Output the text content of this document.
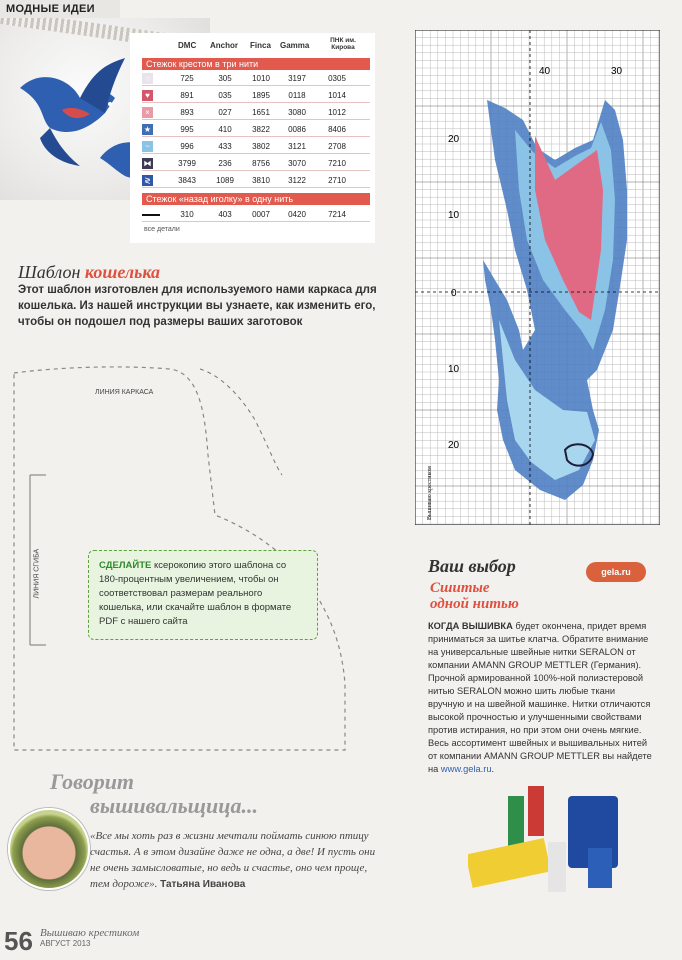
МОДНЫЕ ИДЕИ
DMC Anchor Finca Gamma
ПНК им. Кирова
Стежок крестом в три нити
○	725	305	1010	3197	0305
♥	891	035	1895	0118	1014
×	893	027	1651	3080	1012
★	995	410	3822	0086	8406
~	996	433	3802	3121	2708
⧓	3799	236	8756	3070	7210
≷	3843	1089	3810	3122	2710
Стежок «назад иголку» в одну нить
310	403	0007	0420	7214
все детали
Шаблон кошелька
Этот шаблон изготовлен для используемого нами каркаса для кошелька. Из нашей инструкции вы узнаете, как изменить его, чтобы он подошел под размеры ваших заготовок
ЛИНИЯ КАРКАСА
ЛИНИЯ СГИБА	СДЕЛАЙТЕ ксерокопию этого шаблона со 180-процентным увеличением, чтобы он соответствовал размерам реального кошелька, или скачайте шаблон в формате PDF с нашего сайта
40	30
20
10
0
10
20
Вышиваю крестиком
Ваш выбор
Сшитые
одной нитью
gela.ru
КОГДА ВЫШИВКА будет окончена, придет время приниматься за шитье клатча. Обратите внимание на универсальные швейные нитки SERALON от компании AMANN GROUP METTLER (Германия). Прочной армированной 100%-ной полиэстеровой нитью SERALON можно шить любые ткани вручную и на швейной машинке. Нитки отличаются высокой прочностью и улучшенными свойствами против истирания, но при этом они очень мягкие. Весь ассортимент швейных и вышивальных нитей от компании AMANN GROUP METTLER вы найдете на www.gela.ru.
Говорит
вышивальщица...
«Все мы хоть раз в жизни мечтали поймать синюю птицу счастья. А в этом дизайне даже не одна, а две! И пусть они не очень замысловатые, но ведь и счастье, оно чем проще, тем дороже». Татьяна Иванова
56 Вышиваю крестиком
АВГУСТ 2013
